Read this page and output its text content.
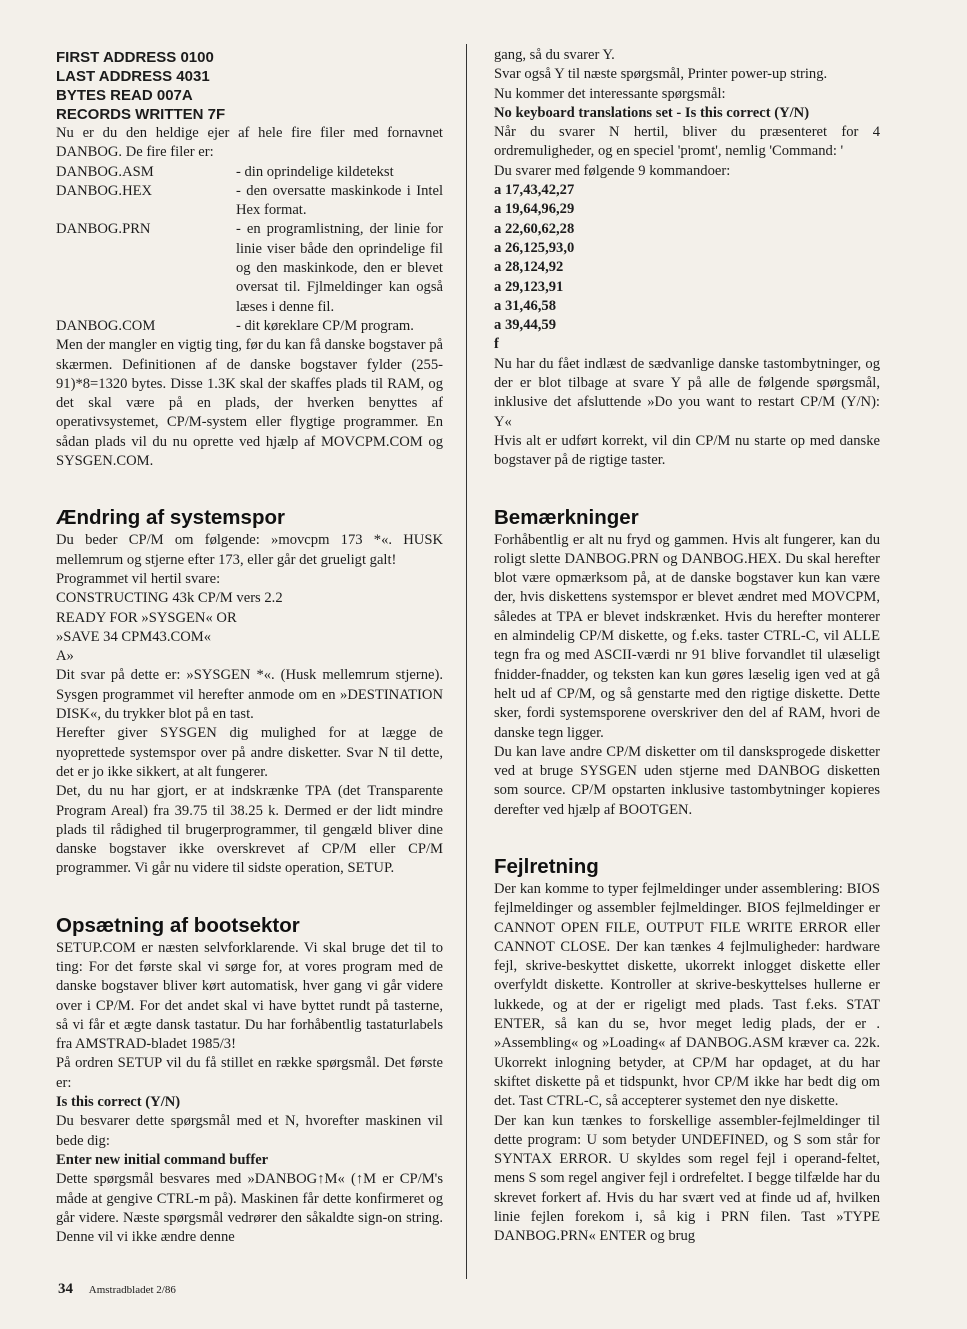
FIRST ADDRESS 0100
LAST ADDRESS 4031
BYTES READ 007A
RECORDS WRITTEN 7F

Nu er du den heldige ejer af hele fire filer med fornavnet DANBOG. De fire filer er:

DANBOG.ASM	- din oprindelige kildetekst
DANBOG.HEX	- den oversatte maskinkode i Intel Hex format.
DANBOG.PRN	- en programlistning, der linie for linie viser både den oprindelige fil og den maskinkode, den er blevet oversat til. Fjlmeldinger kan også læses i denne fil.
DANBOG.COM	- dit køreklare CP/M program.

Men der mangler en vigtig ting, før du kan få danske bogstaver på skærmen. Definitionen af de danske bogstaver fylder (255-91)*8=1320 bytes. Disse 1.3K skal der skaffes plads til RAM, og det skal være på en plads, der hverken benyttes af operativsystemet, CP/M-system eller flygtige programmer. En sådan plads vil du nu oprette ved hjælp af MOVCPM.COM og SYSGEN.COM.

Ændring af systemspor

Du beder CP/M om følgende: »movcpm 173 *«. HUSK mellemrum og stjerne efter 173, eller går det grueligt galt!

Programmet vil hertil svare:

CONSTRUCTING 43k CP/M vers 2.2

READY FOR »SYSGEN« OR

»SAVE 34 CPM43.COM«

A»

Dit svar på dette er: »SYSGEN *«. (Husk mellemrum stjerne). Sysgen programmet vil herefter anmode om en »DESTINATION DISK«, du trykker blot på en tast.

Herefter giver SYSGEN dig mulighed for at lægge de nyoprettede systemspor over på andre disketter. Svar N til dette, det er jo ikke sikkert, at alt fungerer.

Det, du nu har gjort, er at indskrænke TPA (det Transparente Program Areal) fra 39.75 til 38.25 k. Dermed er der lidt mindre plads til rådighed til brugerprogrammer, til gengæld bliver dine danske bogstaver ikke overskrevet af CP/M eller CP/M programmer. Vi går nu videre til sidste operation, SETUP.

Opsætning af bootsektor

SETUP.COM er næsten selvforklarende. Vi skal bruge det til to ting: For det første skal vi sørge for, at vores program med de danske bogstaver bliver kørt automatisk, hver gang vi går videre over i CP/M. For det andet skal vi have byttet rundt på tasterne, så vi får et ægte dansk tastatur. Du har forhåbentlig tastaturlabels fra AMSTRAD-bladet 1985/3!

På ordren SETUP vil du få stillet en række spørgsmål. Det første er:

Is this correct (Y/N)

Du besvarer dette spørgsmål med et N, hvorefter maskinen vil bede dig:

Enter new initial command buffer

Dette spørgsmål besvares med »DANBOG↑M« (↑M er CP/M's måde at gengive CTRL-m på). Maskinen får dette konfirmeret og går videre. Næste spørgsmål vedrører den såkaldte sign-on string. Denne vil vi ikke ændre denne

gang, så du svarer Y.

Svar også Y til næste spørgsmål, Printer power-up string.

Nu kommer det interessante spørgsmål:

No keyboard translations set - Is this correct (Y/N)

Når du svarer N hertil, bliver du præsenteret for 4 ordremuligheder, og en speciel 'promt', nemlig 'Command: '

Du svarer med følgende 9 kommandoer:

a 17,43,42,27
a 19,64,96,29
a 22,60,62,28
a 26,125,93,0
a 28,124,92
a 29,123,91
a 31,46,58
a 39,44,59
f

Nu har du fået indlæst de sædvanlige danske tastombytninger, og der er blot tilbage at svare Y på alle de følgende spørgsmål, inklusive det afsluttende »Do you want to restart CP/M (Y/N): Y«

Hvis alt er udført korrekt, vil din CP/M nu starte op med danske bogstaver på de rigtige taster.

Bemærkninger

Forhåbentlig er alt nu fryd og gammen. Hvis alt fungerer, kan du roligt slette DANBOG.PRN og DANBOG.HEX. Du skal herefter blot være opmærksom på, at de danske bogstaver kun kan være der, hvis diskettens systemspor er blevet ændret med MOVCPM, således at TPA er blevet indskrænket. Hvis du herefter monterer en almindelig CP/M diskette, og f.eks. taster CTRL-C, vil ALLE tegn fra og med ASCII-værdi nr 91 blive forvandlet til ulæseligt fnidder-fnadder, og teksten kan kun gøres læselig igen ved at gå helt ud af CP/M, og så genstarte med den rigtige diskette. Dette sker, fordi systemsporene overskriver den del af RAM, hvori de danske tegn ligger.

Du kan lave andre CP/M disketter om til dansksprogede disketter ved at bruge SYSGEN uden stjerne med DANBOG disketten som source. CP/M opstarten inklusive tastombytninger kopieres derefter ved hjælp af BOOTGEN.

Fejlretning

Der kan komme to typer fejlmeldinger under assemblering: BIOS fejlmeldinger og assembler fejlmeldinger. BIOS fejlmeldinger er CANNOT OPEN FILE, OUTPUT FILE WRITE ERROR eller CANNOT CLOSE. Der kan tænkes 4 fejlmuligheder: hardware fejl, skrive-beskyttet diskette, ukorrekt inlogget diskette eller overfyldt diskette. Kontroller at skrive-beskyttelses hullerne er lukkede, og at der er rigeligt med plads. Tast f.eks. STAT ENTER, så kan du se, hvor meget ledig plads, der er . »Assembling« og »Loading« af DANBOG.ASM kræver ca. 22k. Ukorrekt inlogning betyder, at CP/M har opdaget, at du har skiftet diskette på et tidspunkt, hvor CP/M ikke har bedt dig om det. Tast CTRL-C, så accepterer systemet den nye diskette.

Der kan kun tænkes to forskellige assembler-fejlmeldinger til dette program: U som betyder UNDEFINED, og S som står for SYNTAX ERROR. U skyldes som regel fejl i operand-feltet, mens S som regel angiver fejl i ordrefeltet. I begge tilfælde har du skrevet forkert af. Hvis du har svært ved at finde ud af, hvilken linie fejlen forekom i, så kig i PRN filen. Tast »TYPE DANBOG.PRN« ENTER og brug

34 Amstradbladet 2/86
